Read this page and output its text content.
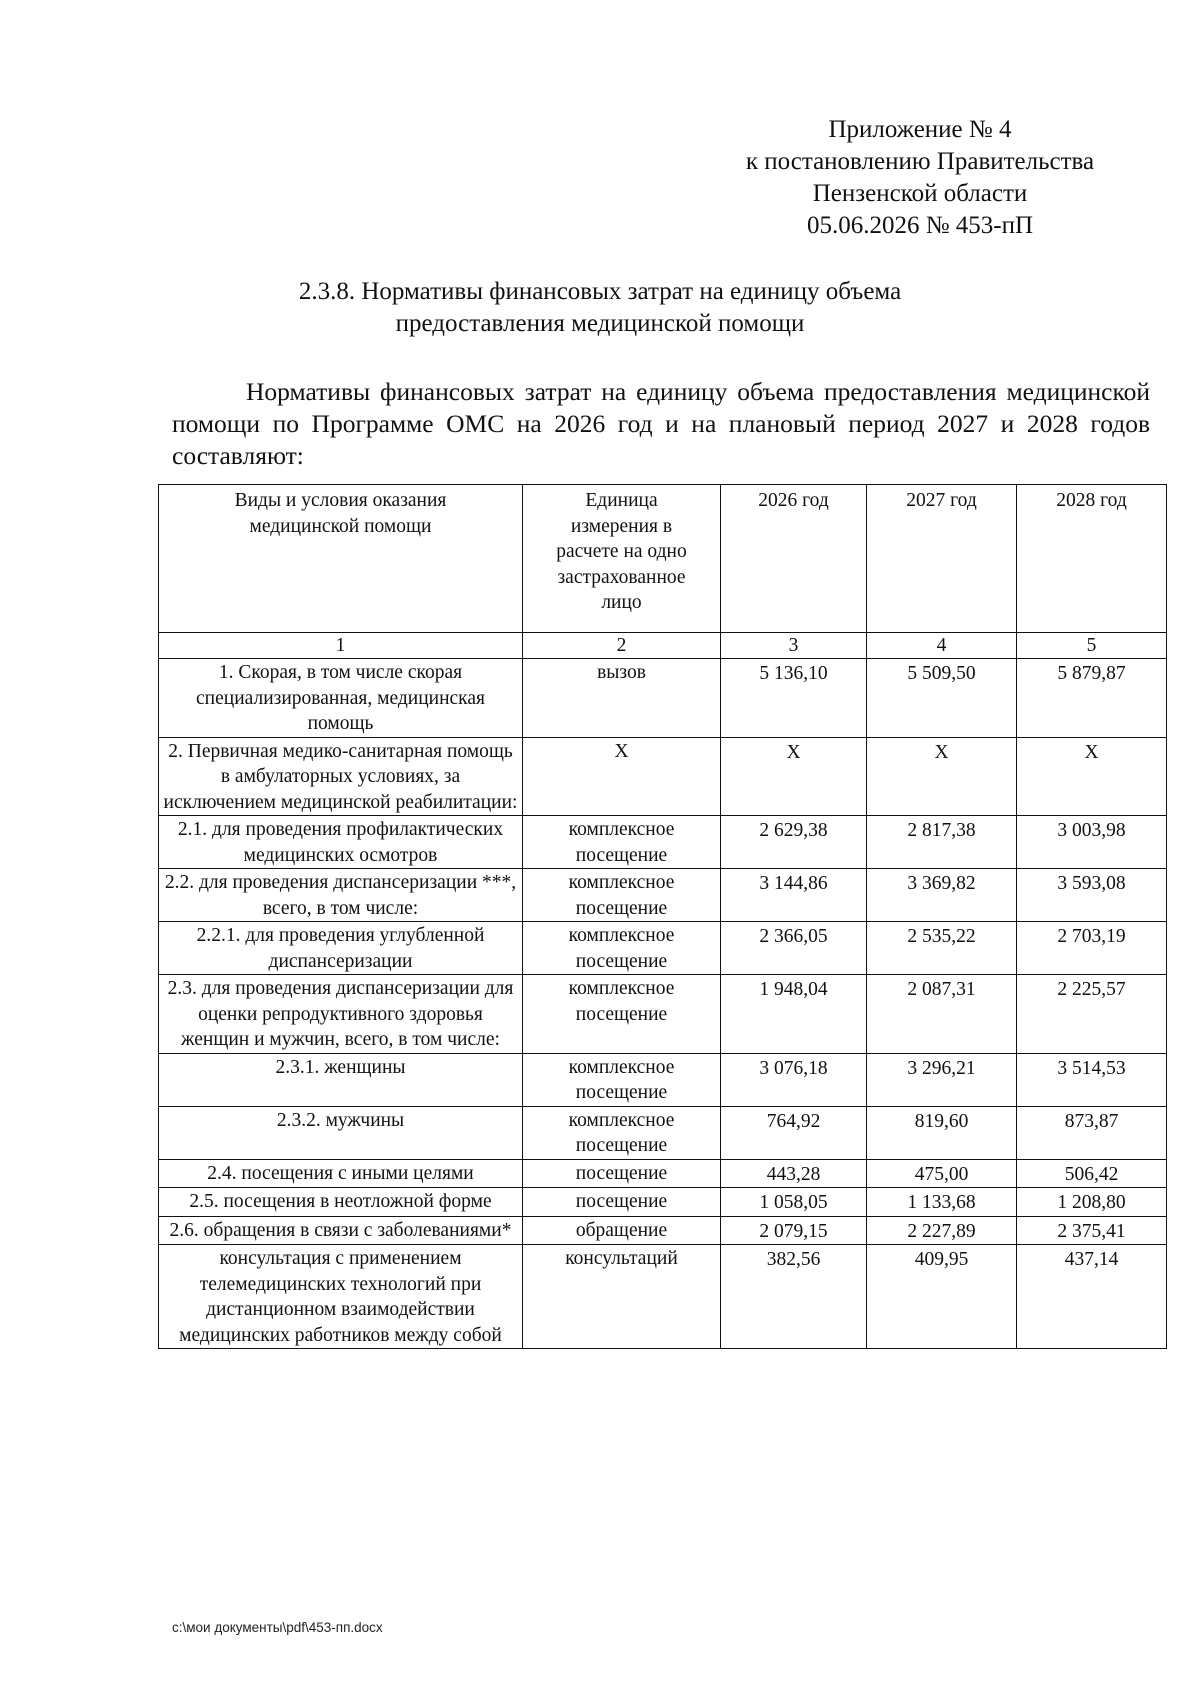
Приложение № 4
к постановлению Правительства
Пензенской области
05.06.2026 № 453-пП
2.3.8. Нормативы финансовых затрат на единицу объема
предоставления медицинской помощи

Нормативы финансовых затрат на единицу объема предоставления медицинской помощи по Программе ОМС на 2026 год и на плановый период 2027 и 2028 годов составляют:

Виды и условия оказания медицинской помощи	Единица измерения в расчете на одно застрахованное лицо	2026 год	2027 год	2028 год
1	2	3	4	5
1. Скорая, в том числе скорая специализированная, медицинская помощь	вызов	5 136,10	5 509,50	5 879,87
2. Первичная медико-санитарная помощь в амбулаторных условиях, за исключением медицинской реабилитации:	Х	Х	Х	Х
2.1. для проведения профилактических медицинских осмотров	комплексное посещение	2 629,38	2 817,38	3 003,98
2.2. для проведения диспансеризации ***, всего, в том числе:	комплексное посещение	3 144,86	3 369,82	3 593,08
2.2.1. для проведения углубленной диспансеризации	комплексное посещение	2 366,05	2 535,22	2 703,19
2.3. для проведения диспансеризации для оценки репродуктивного здоровья женщин и мужчин, всего, в том числе:	комплексное посещение	1 948,04	2 087,31	2 225,57
2.3.1. женщины	комплексное посещение	3 076,18	3 296,21	3 514,53
2.3.2. мужчины	комплексное посещение	764,92	819,60	873,87
2.4. посещения с иными целями	посещение	443,28	475,00	506,42
2.5. посещения в неотложной форме	посещение	1 058,05	1 133,68	1 208,80
2.6. обращения в связи с заболеваниями*	обращение	2 079,15	2 227,89	2 375,41
консультация с применением телемедицинских технологий при дистанционном взаимодействии медицинских работников между собой	консультаций	382,56	409,95	437,14
c:\мои документы\pdf\453-пп.docx
